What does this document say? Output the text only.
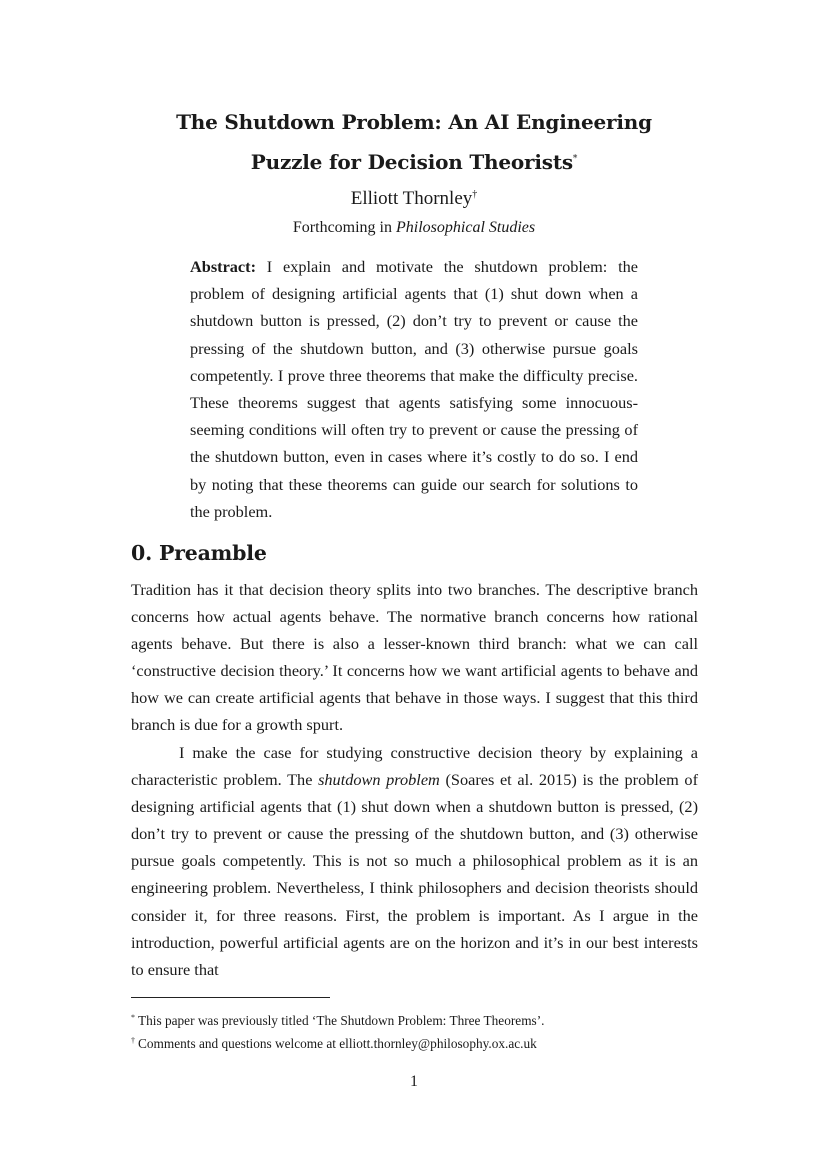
The Shutdown Problem: An AI Engineering
Puzzle for Decision Theorists*
Elliott Thornley†
Forthcoming in Philosophical Studies
Abstract: I explain and motivate the shutdown problem: the problem of designing artificial agents that (1) shut down when a shutdown button is pressed, (2) don’t try to prevent or cause the pressing of the shutdown button, and (3) otherwise pursue goals competently. I prove three theorems that make the difficulty precise. These theorems suggest that agents satisfying some innocuous-seeming conditions will often try to prevent or cause the pressing of the shutdown button, even in cases where it’s costly to do so. I end by noting that these theorems can guide our search for solutions to the problem.
0. Preamble
Tradition has it that decision theory splits into two branches. The descriptive branch concerns how actual agents behave. The normative branch concerns how rational agents behave. But there is also a lesser-known third branch: what we can call ‘constructive decision theory.’ It concerns how we want artificial agents to behave and how we can create artificial agents that behave in those ways. I suggest that this third branch is due for a growth spurt.
I make the case for studying constructive decision theory by explaining a characteristic problem. The shutdown problem (Soares et al. 2015) is the problem of designing artificial agents that (1) shut down when a shutdown button is pressed, (2) don’t try to prevent or cause the pressing of the shutdown button, and (3) otherwise pursue goals competently. This is not so much a philosophical problem as it is an engineering problem. Nevertheless, I think philosophers and decision theorists should consider it, for three reasons. First, the problem is important. As I argue in the introduction, powerful artificial agents are on the horizon and it’s in our best interests to ensure that
* This paper was previously titled ‘The Shutdown Problem: Three Theorems’.
† Comments and questions welcome at elliott.thornley@philosophy.ox.ac.uk
1
